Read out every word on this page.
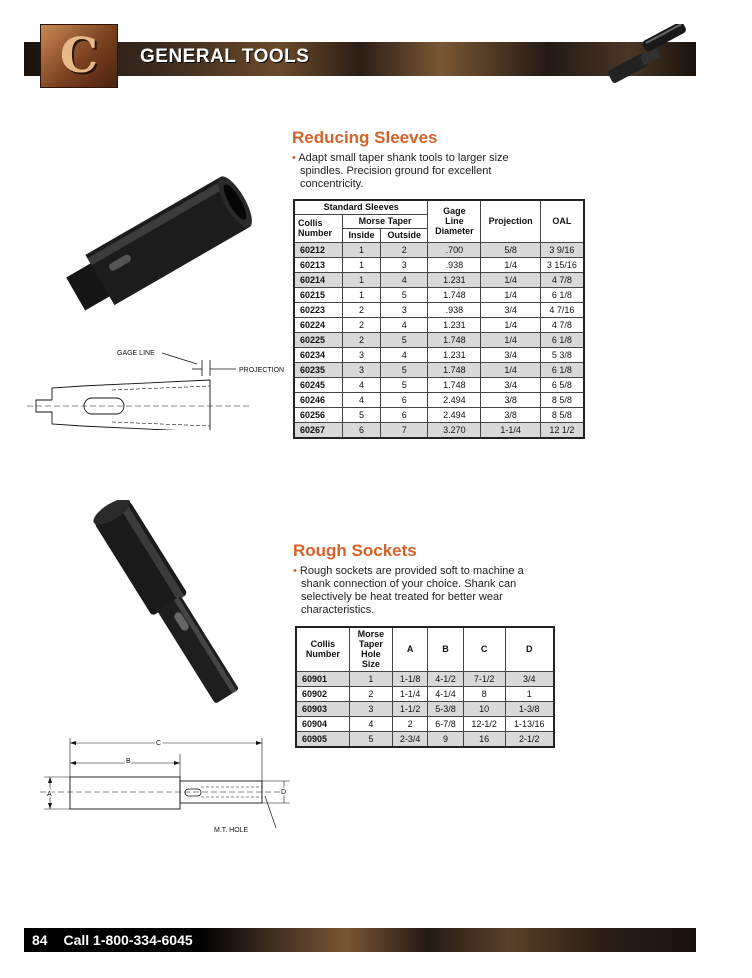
C	GENERAL TOOLS
GAGE LINE
PROJECTION
Reducing Sleeves
• Adapt small taper shank tools to larger size
spindles. Precision ground for excellent
concentricity.
Standard Sleeves			Gage
Line
Diameter	Projection	OAL
Collis
Number	Morse Taper				
	Inside	Outside			
60212	1	2	.700	5/8	3 9/16
60213	1	3	.938	1/4	3 15/16
60214	1	4	1.231	1/4	4 7/8
60215	1	5	1.748	1/4	6 1/8
60223	2	3	.938	3/4	4 7/16
60224	2	4	1.231	1/4	4 7/8
60225	2	5	1.748	1/4	6 1/8
60234	3	4	1.231	3/4	5 3/8
60235	3	5	1.748	1/4	6 1/8
60245	4	5	1.748	3/4	6 5/8
60246	4	6	2.494	3/8	8 5/8
60256	5	6	2.494	3/8	8 5/8
60267	6	7	3.270	1-1/4	12 1/2
C
B
A	D
M.T. HOLE
Rough Sockets
• Rough sockets are provided soft to machine a
shank connection of your choice. Shank can
selectively be heat treated for better wear
characteristics.
Collis
Number	Morse
Taper
Hole
Size	A	B	C	D
60901	1	1-1/8	4-1/2	7-1/2	3/4
60902	2	1-1/4	4-1/4	8	1
60903	3	1-1/2	5-3/8	10	1-3/8
60904	4	2	6-7/8	12-1/2	1-13/16
60905	5	2-3/4	9	16	2-1/2
84 Call 1-800-334-6045
